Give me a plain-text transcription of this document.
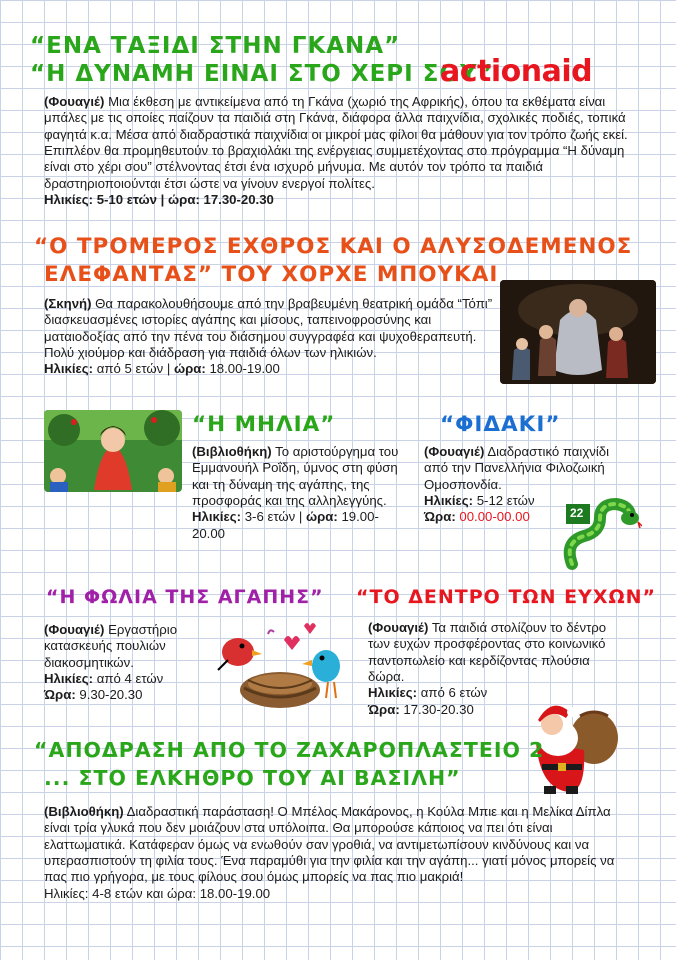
“ΕΝΑ ΤΑΞΙΔΙ ΣΤΗΝ ΓΚΑΝΑ”
“Η ΔΥΝΑΜΗ ΕΙΝΑΙ ΣΤΟ ΧΕΡΙ ΣΟΥ”
actionaid
(Φουαγιέ) Μια έκθεση με αντικείμενα από τη Γκάνα (χωριό της Αφρικής), όπου τα εκθέματα είναι μπάλες με τις οποίες παίζουν τα παιδιά στη Γκάνα, διάφορα άλλα παιχνίδια, σχολικές ποδιές, τοπικά φαγητά κ.α. Μέσα από διαδραστικά παιχνίδια οι μικροί μας φίλοι θα μάθουν για τον τρόπο ζωής εκεί. Επιπλέον θα προμηθευτούν το βραχιολάκι της ενέργειας συμμετέχοντας στο πρόγραμμα “Η δύναμη είναι στο χέρι σου” στέλνοντας έτσι ένα ισχυρό μήνυμα. Με αυτόν τον τρόπο τα παιδιά δραστηριοποιούνται έτσι ώστε να γίνουν ενεργοί πολίτες.
Ηλικίες: 5-10 ετών | ώρα: 17.30-20.30
“Ο ΤΡΟΜΕΡΟΣ ΕΧΘΡΟΣ ΚΑΙ Ο ΑΛΥΣΟΔΕΜΕΝΟΣ
ΕΛΕΦΑΝΤΑΣ” ΤΟΥ ΧΟΡΧΕ ΜΠΟΥΚΑΙ
(Σκηνή) Θα παρακολουθήσουμε από την βραβευμένη θεατρική ομάδα “Τόπι” διασκευασμένες ιστορίες αγάπης και μίσους, ταπεινοφροσύνης και ματαιοδοξίας από την πένα του διάσημου συγγραφέα και ψυχοθεραπευτή. Πολύ χιούμορ και διάδραση για παιδιά όλων των ηλικιών.
Ηλικίες: από 5 ετών | ώρα: 18.00-19.00
“Η ΜΗΛΙΑ”
(Βιβλιοθήκη) Το αριστούργημα του Εμμανουήλ Ροΐδη, ύμνος στη φύση και τη δύναμη της αγάπης, της προσφοράς και της αλληλεγγύης. Ηλικίες: 3-6 ετών | ώρα: 19.00-20.00
“ΦΙΔΑΚΙ”
(Φουαγιέ) Διαδραστικό παιχνίδι από την Πανελλήνια Φιλοζωική Ομοσπονδία.
Ηλικίες: 5-12 ετών
Ώρα: 00.00-00.00	22
“Η ΦΩΛΙΑ ΤΗΣ ΑΓΑΠΗΣ”
(Φουαγιέ) Εργαστήριο κατασκευής πουλιών διακοσμητικών.
Ηλικίες: από 4 ετών
Ώρα: 9.30-20.30
“ΤΟ ΔΕΝΤΡΟ ΤΩΝ ΕΥΧΩΝ”
(Φουαγιέ) Τα παιδιά στολίζουν το δέντρο των ευχών προσφέροντας στο κοινωνικό παντοπωλείο και κερδίζοντας πλούσια δώρα.
Ηλικίες: από 6 ετών
Ώρα: 17.30-20.30
“ΑΠΟΔΡΑΣΗ ΑΠΟ ΤΟ ΖΑΧΑΡΟΠΛΑΣΤΕΙΟ 2
... ΣΤΟ ΕΛΚΗΘΡΟ ΤΟΥ ΑΙ ΒΑΣΙΛΗ”
(Βιβλιοθήκη) Διαδραστική παράσταση! Ο Μπέλος Μακάρονος, η Κούλα Μπιε και η Μελίκα Δίπλα είναι τρία γλυκά που δεν μοιάζουν στα υπόλοιπα. Θα μπορούσε κάποιος να πει ότι είναι ελαττωματικά. Κατάφεραν όμως να ενωθούν σαν γροθιά, να αντιμετωπίσουν κινδύνους και να υπερασπιστούν τη φιλία τους. Ένα παραμύθι για την φιλία και την αγάπη... γιατί μόνος μπορείς να πας πιο γρήγορα, με τους φίλους σου όμως μπορείς να πας πιο μακριά!
Ηλικίες: 4-8 ετών και ώρα: 18.00-19.00
